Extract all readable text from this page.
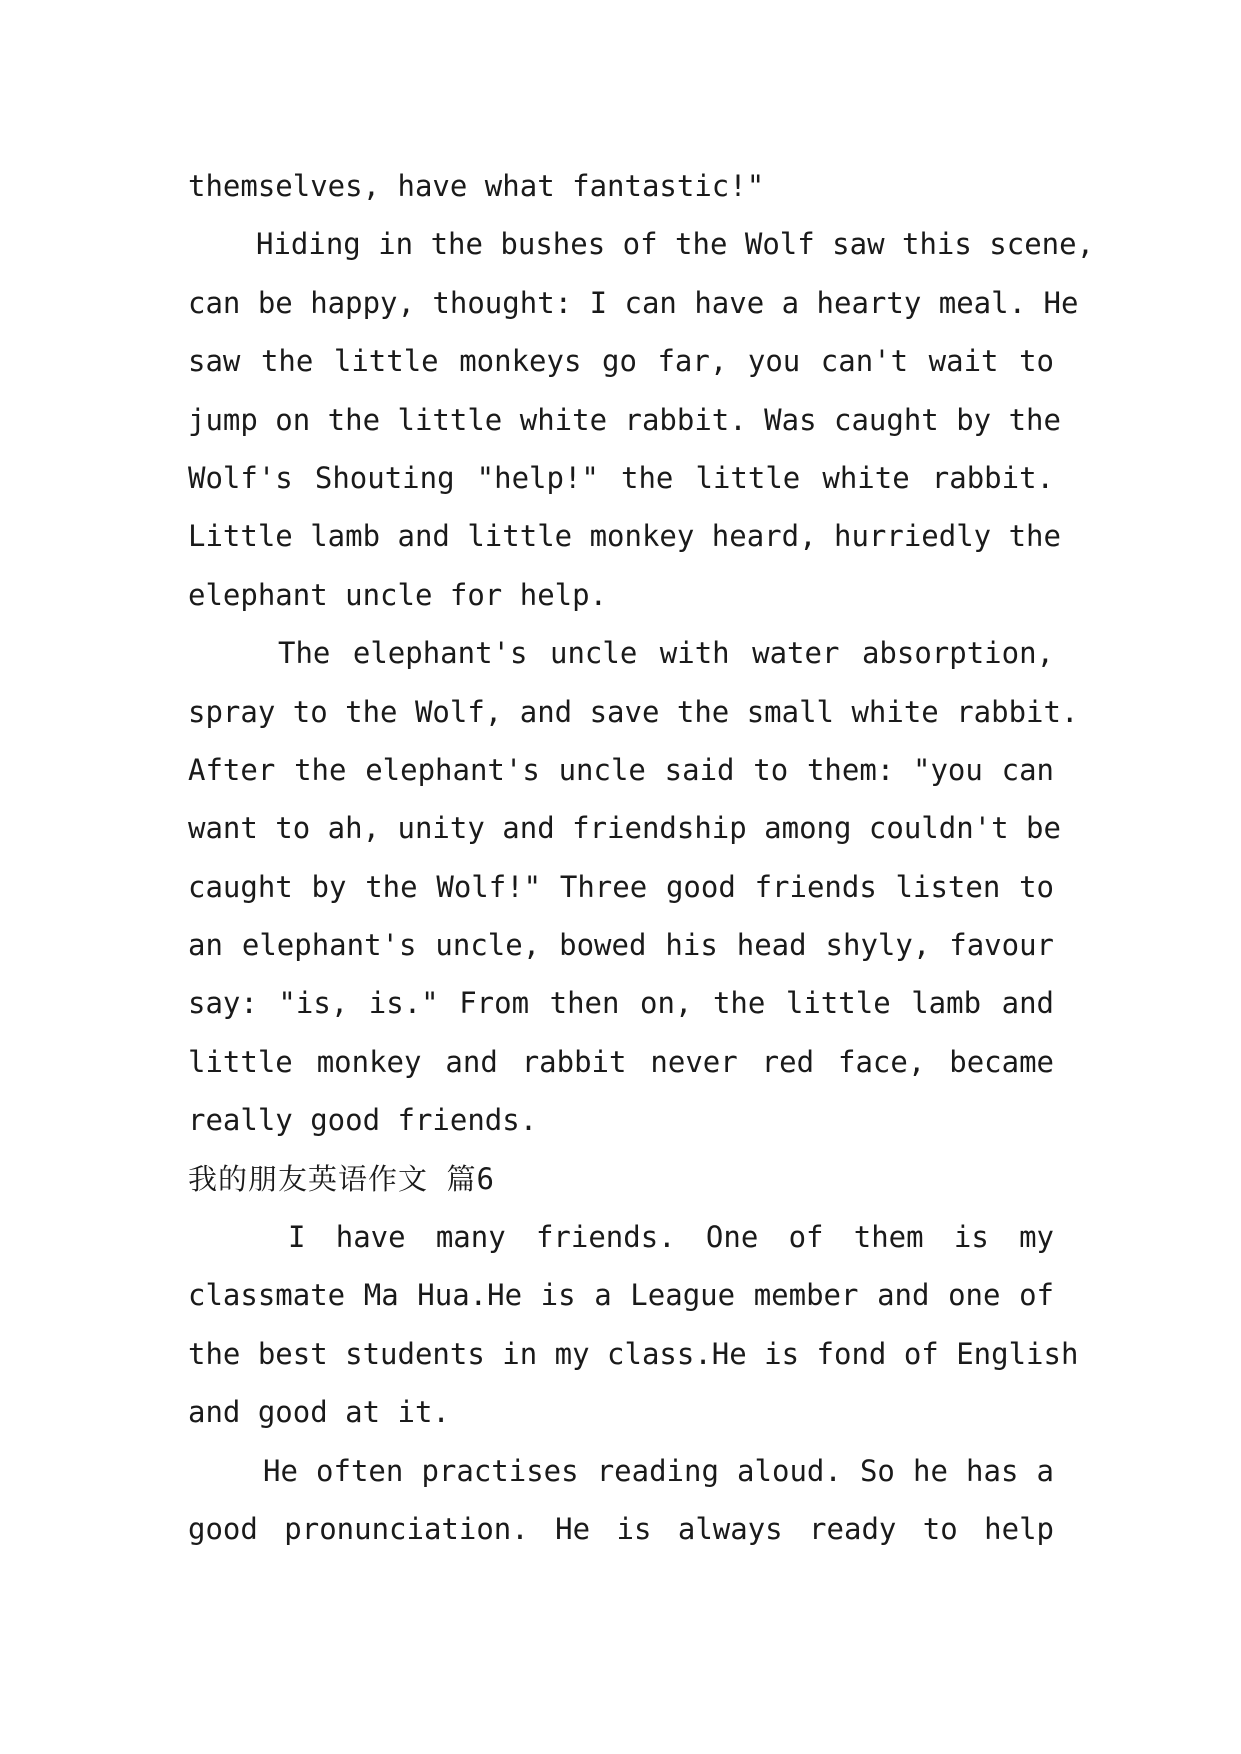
themselves, have what fantastic!"
Hiding in the bushes of the Wolf saw this scene,
can be happy, thought: I can have a hearty meal. He
saw the little monkeys go far, you can't wait to
jump on the little white rabbit. Was caught by the
Wolf's Shouting "help!" the little white rabbit.
Little lamb and little monkey heard, hurriedly the
elephant uncle for help.
The elephant's uncle with water absorption,
spray to the Wolf, and save the small white rabbit.
After the elephant's uncle said to them: "you can
want to ah, unity and friendship among couldn't be
caught by the Wolf!" Three good friends listen to
an elephant's uncle, bowed his head shyly, favour
say: "is, is." From then on, the little lamb and
little monkey and rabbit never red face, became
really good friends.
我的朋友英语作文 篇6
I have many friends. One of them is my
classmate Ma Hua.He is a League member and one of
the best students in my class.He is fond of English
and good at it.
He often practises reading aloud. So he has a
good pronunciation. He is always ready to help
